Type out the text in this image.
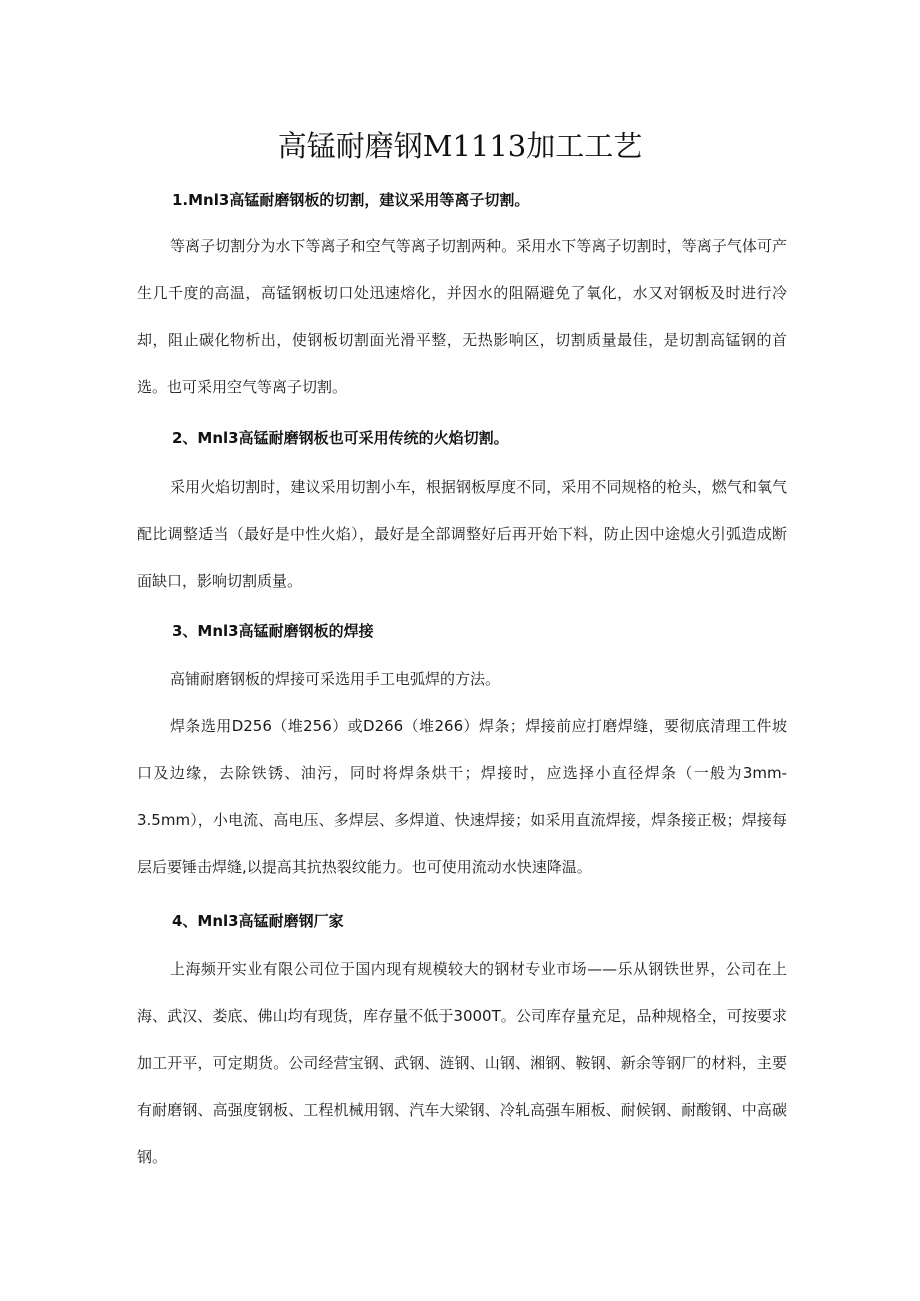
高锰耐磨钢M1113加工工艺

1.Mnl3高锰耐磨钢板的切割，建议采用等离子切割。

等离子切割分为水下等离子和空气等离子切割两种。采用水下等离子切割时，等离子气体可产生几千度的高温，高锰钢板切口处迅速熔化，并因水的阻隔避免了氧化，水又对钢板及时进行冷却，阻止碳化物析出，使钢板切割面光滑平整，无热影响区，切割质量最佳，是切割高锰钢的首选。也可采用空气等离子切割。

2、Mnl3高锰耐磨钢板也可采用传统的火焰切割。

采用火焰切割时，建议采用切割小车，根据钢板厚度不同，采用不同规格的枪头，燃气和氧气配比调整适当（最好是中性火焰），最好是全部调整好后再开始下料，防止因中途熄火引弧造成断面缺口，影响切割质量。

3、Mnl3高锰耐磨钢板的焊接

高铺耐磨钢板的焊接可采选用手工电弧焊的方法。

焊条选用D256（堆256）或D266（堆266）焊条；焊接前应打磨焊缝，要彻底清理工件坡口及边缘，去除铁锈、油污，同时将焊条烘干；焊接时，应选择小直径焊条（一般为3mm-3.5mm），小电流、高电压、多焊层、多焊道、快速焊接；如采用直流焊接，焊条接正极；焊接每层后要锤击焊缝,以提高其抗热裂纹能力。也可使用流动水快速降温。

4、Mnl3高锰耐磨钢厂家

上海频开实业有限公司位于国内现有规模较大的钢材专业市场——乐从钢铁世界，公司在上海、武汉、娄底、佛山均有现货，库存量不低于3000T。公司库存量充足，品种规格全，可按要求加工开平，可定期货。公司经营宝钢、武钢、涟钢、山钢、湘钢、鞍钢、新余等钢厂的材料，主要有耐磨钢、高强度钢板、工程机械用钢、汽车大梁钢、冷轧高强车厢板、耐候钢、耐酸钢、中高碳钢。
